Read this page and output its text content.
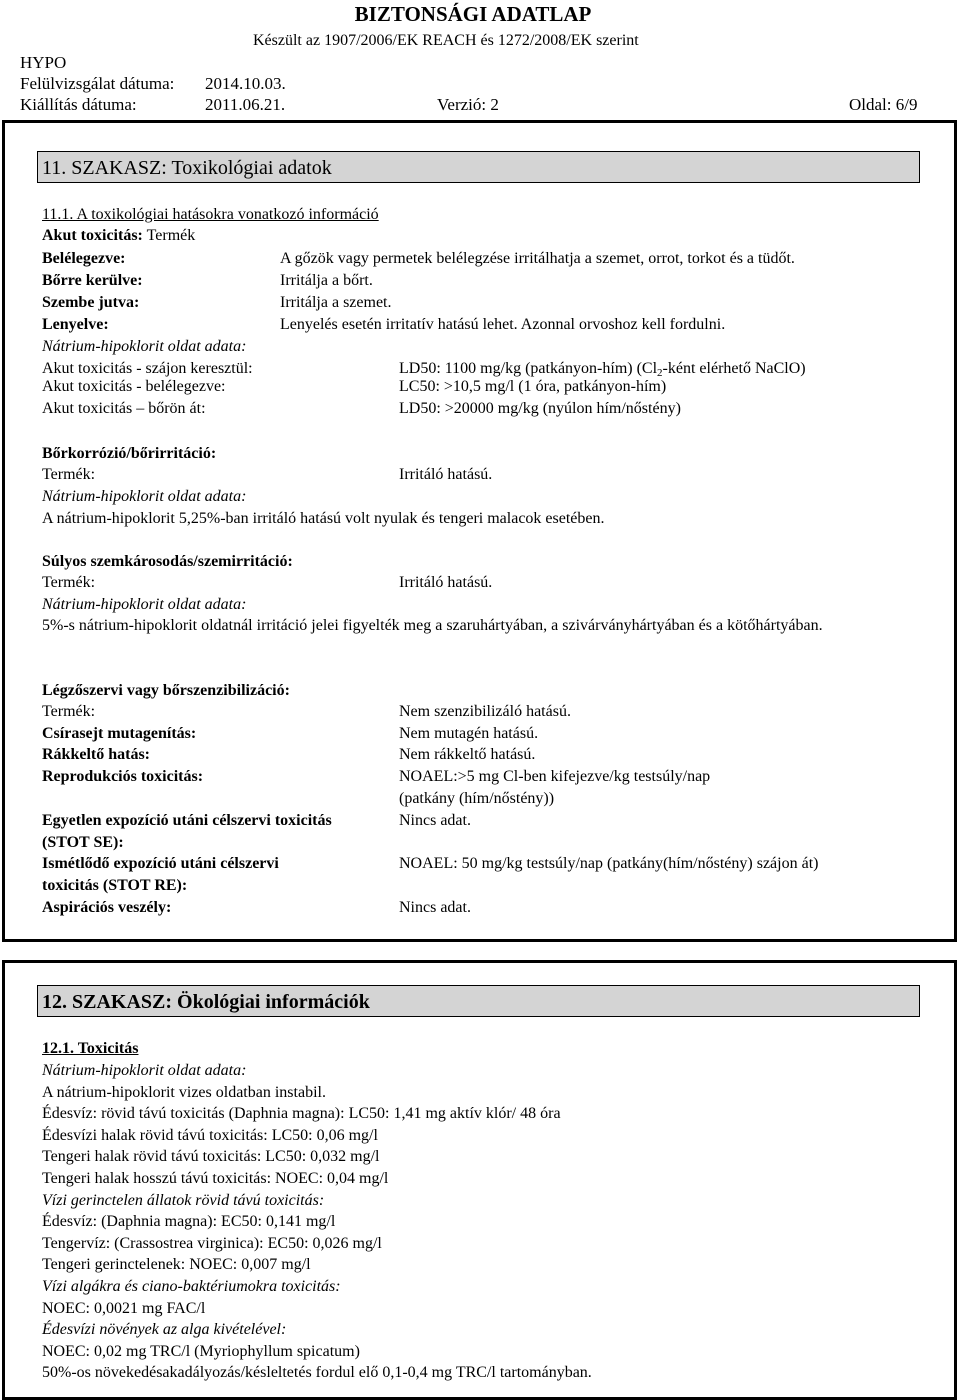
BIZTONSÁGI ADATLAP
Készült az 1907/2006/EK REACH és 1272/2008/EK szerint
HYPO
Felülvizsgálat dátuma: 2014.10.03.
Kiállítás dátuma:	2011.06.21.	Verzió: 2	Oldal: 6/9
11. SZAKASZ: Toxikológiai adatok
11.1. A toxikológiai hatásokra vonatkozó információ
Akut toxicitás: Termék
Belélegezve:	A gőzök vagy permetek belélegzése irritálhatja a szemet, orrot, torkot és a tüdőt.
Bőrre kerülve:	Irritálja a bőrt.
Szembe jutva:	Irritálja a szemet.
Lenyelve:	Lenyelés esetén irritatív hatású lehet. Azonnal orvoshoz kell fordulni.
Nátrium-hipoklorit oldat adata:
Akut toxicitás - szájon keresztül:	LD50: 1100 mg/kg (patkányon-hím) ($Cl_2$-ként elérhető NaClO)
Akut toxicitás - belélegezve:	LC50: >10,5 mg/l (1 óra, patkányon-hím)
Akut toxicitás – bőrön át:	LD50: >20000 mg/kg (nyúlon hím/nőstény)
Bőrkorrózió/bőrirritáció:
Termék:	Irritáló hatású.
Nátrium-hipoklorit oldat adata:
A nátrium-hipoklorit 5,25%-ban irritáló hatású volt nyulak és tengeri malacok esetében.
Súlyos szemkárosodás/szemirritáció:
Termék:	Irritáló hatású.
Nátrium-hipoklorit oldat adata:
5%-s nátrium-hipoklorit oldatnál irritáció jelei figyelték meg a szaruhártyában, a szivárványhártyában és a kötőhártyában.
Légzőszervi vagy bőrszenzibilizáció:
Termék:	Nem szenzibilizáló hatású.
Csírasejt mutagenítás:	Nem mutagén hatású.
Rákkeltő hatás:	Nem rákkeltő hatású.
Reprodukciós toxicitás:	NOAEL:>5 mg Cl-ben kifejezve/kg testsúly/nap
(patkány (hím/nőstény))
Egyetlen expozíció utáni célszervi toxicitás	Nincs adat.
(STOT SE):
Ismétlődő expozíció utáni célszervi	NOAEL: 50 mg/kg testsúly/nap (patkány(hím/nőstény) szájon át)
toxicitás (STOT RE):
Aspirációs veszély:	Nincs adat.
12. SZAKASZ: Ökológiai információk
12.1. Toxicitás
Nátrium-hipoklorit oldat adata:
A nátrium-hipoklorit vizes oldatban instabil.
Édesvíz: rövid távú toxicitás (Daphnia magna): LC50: 1,41 mg aktív klór/ 48 óra
Édesvízi halak rövid távú toxicitás: LC50: 0,06 mg/l
Tengeri halak rövid távú toxicitás: LC50: 0,032 mg/l
Tengeri halak hosszú távú toxicitás: NOEC: 0,04 mg/l
Vízi gerinctelen állatok rövid távú toxicitás:
Édesvíz: (Daphnia magna): EC50: 0,141 mg/l
Tengervíz: (Crassostrea virginica): EC50: 0,026 mg/l
Tengeri gerinctelenek: NOEC: 0,007 mg/l
Vízi algákra és ciano-baktériumokra toxicitás:
NOEC: 0,0021 mg FAC/l
Édesvízi növények az alga kivételével:
NOEC: 0,02 mg TRC/l (Myriophyllum spicatum)
50%-os növekedésakadályozás/késleltetés fordul elő 0,1-0,4 mg TRC/l tartományban.
